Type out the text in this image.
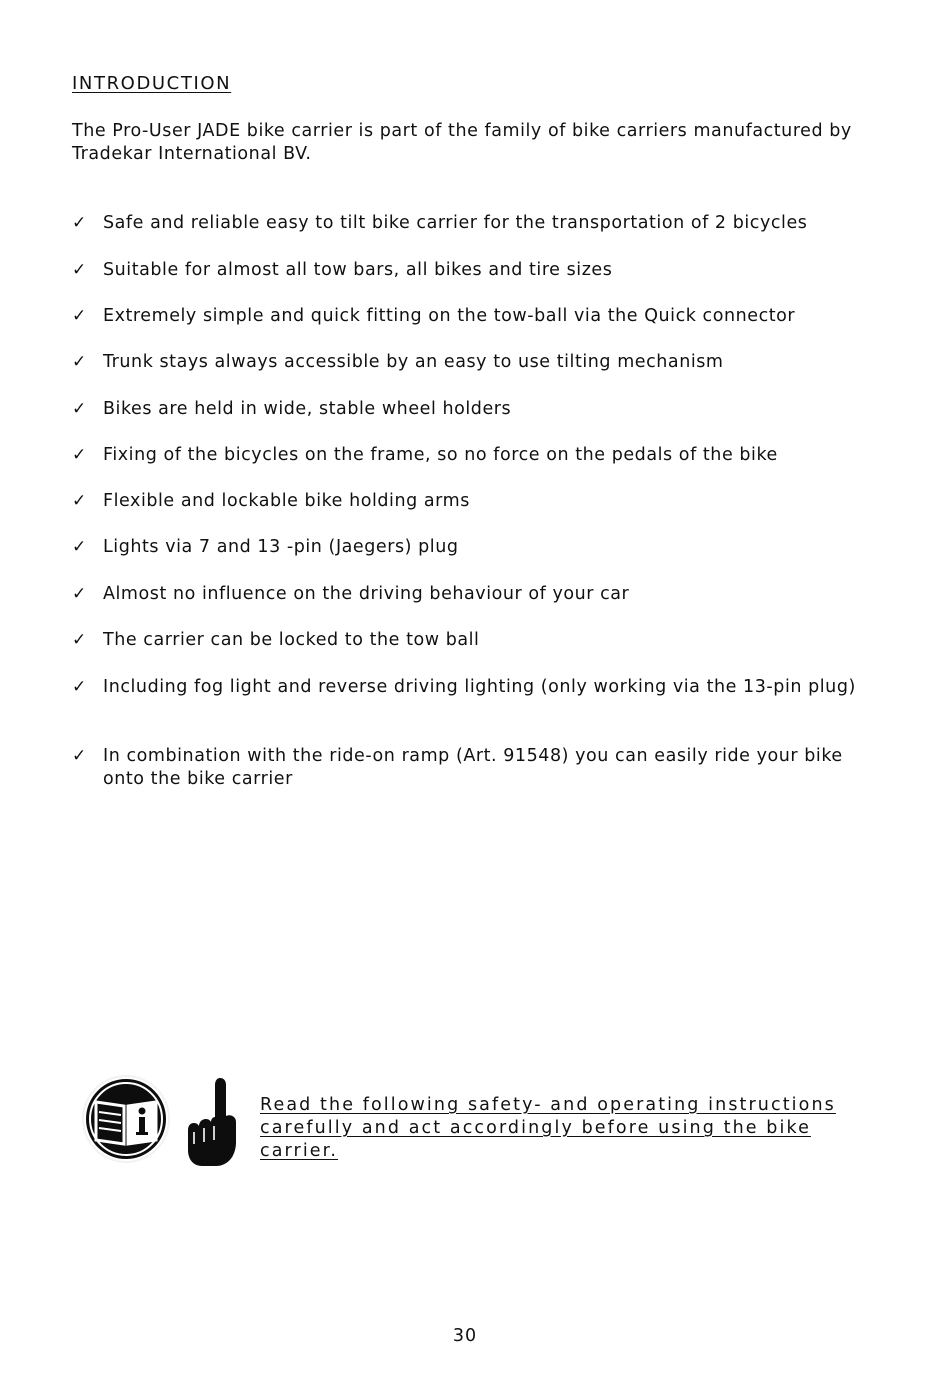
INTRODUCTION

The Pro-User JADE bike carrier is part of the family of bike carriers manufactured by Tradekar International BV.

✓ Safe and reliable easy to tilt bike carrier for the transportation of 2 bicycles
✓ Suitable for almost all tow bars, all bikes and tire sizes
✓ Extremely simple and quick fitting on the tow-ball via the Quick connector
✓ Trunk stays always accessible by an easy to use tilting mechanism
✓ Bikes are held in wide, stable wheel holders
✓ Fixing of the bicycles on the frame, so no force on the pedals of the bike
✓ Flexible and lockable bike holding arms
✓ Lights via 7 and 13 -pin (Jaegers) plug
✓ Almost no influence on the driving behaviour of your car
✓ The carrier can be locked to the tow ball
✓ Including fog light and reverse driving lighting (only working via the 13-pin plug)
✓ In combination with the ride-on ramp (Art. 91548) you can easily ride your bike onto the bike carrier
Read the following safety- and operating instructions carefully and act accordingly before using the bike carrier.
30
